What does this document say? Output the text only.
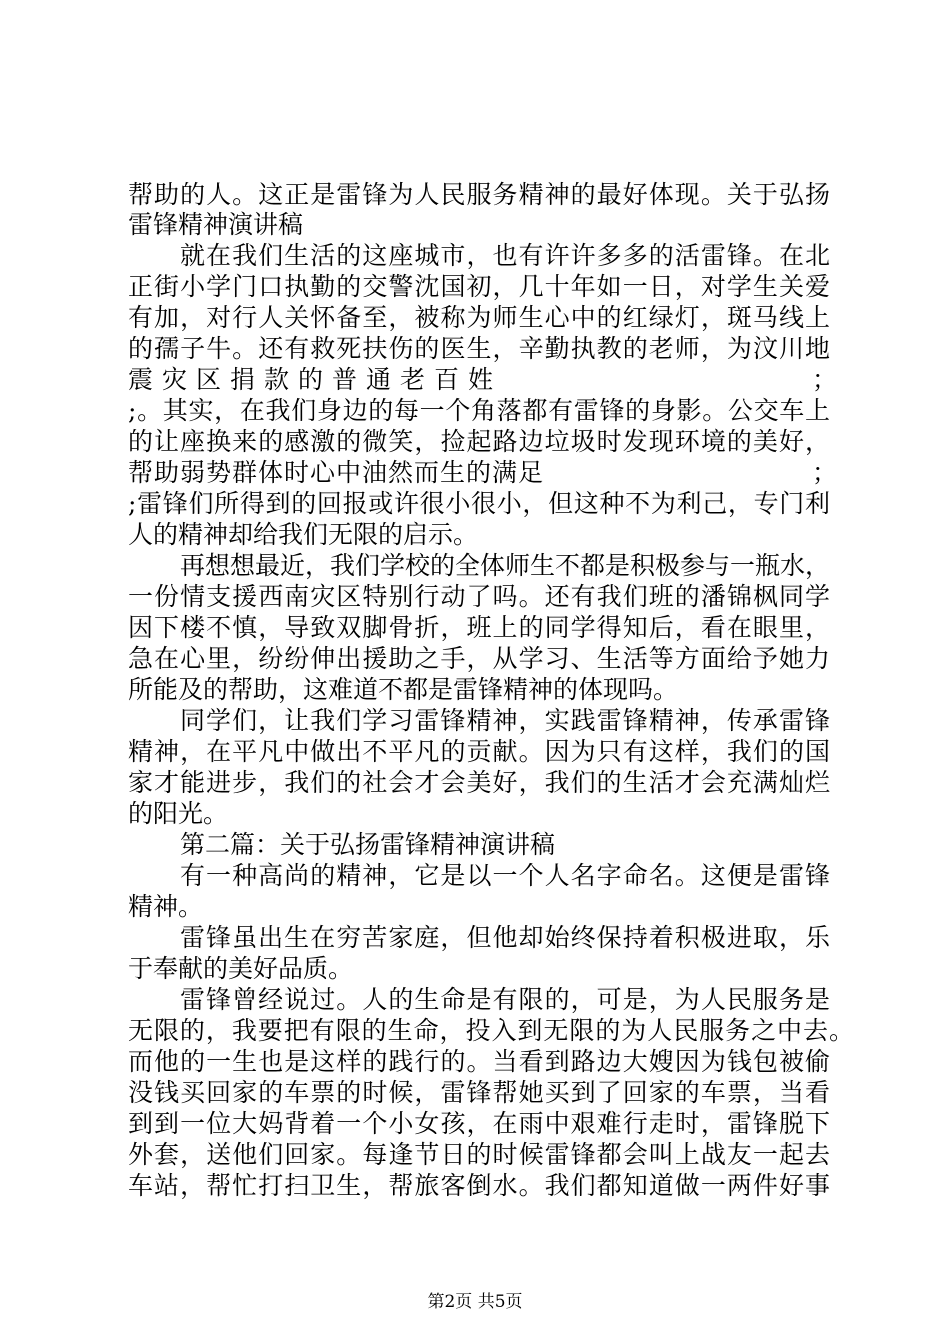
帮助的人。这正是雷锋为人民服务精神的最好体现。关于弘扬
雷锋精神演讲稿
就在我们生活的这座城市，也有许许多多的活雷锋。在北
正街小学门口执勤的交警沈国初，几十年如一日，对学生关爱
有加，对行人关怀备至，被称为师生心中的红绿灯，斑马线上
的孺子牛。还有救死扶伤的医生，辛勤执教的老师，为汶川地
震灾区捐款的普通老百姓	；
;。其实，在我们身边的每一个角落都有雷锋的身影。公交车上
的让座换来的感激的微笑，捡起路边垃圾时发现环境的美好，
帮助弱势群体时心中油然而生的满足	；
;雷锋们所得到的回报或许很小很小，但这种不为利己，专门利
人的精神却给我们无限的启示。
再想想最近，我们学校的全体师生不都是积极参与一瓶水，
一份情支援西南灾区特别行动了吗。还有我们班的潘锦枫同学
因下楼不慎，导致双脚骨折，班上的同学得知后，看在眼里，
急在心里，纷纷伸出援助之手，从学习、生活等方面给予她力
所能及的帮助，这难道不都是雷锋精神的体现吗。
同学们，让我们学习雷锋精神，实践雷锋精神，传承雷锋
精神，在平凡中做出不平凡的贡献。因为只有这样，我们的国
家才能进步，我们的社会才会美好，我们的生活才会充满灿烂
的阳光。
第二篇：关于弘扬雷锋精神演讲稿
有一种高尚的精神，它是以一个人名字命名。这便是雷锋
精神。
雷锋虽出生在穷苦家庭，但他却始终保持着积极进取，乐
于奉献的美好品质。
雷锋曾经说过。人的生命是有限的，可是，为人民服务是
无限的，我要把有限的生命，投入到无限的为人民服务之中去。
而他的一生也是这样的践行的。当看到路边大嫂因为钱包被偷
没钱买回家的车票的时候，雷锋帮她买到了回家的车票，当看
到到一位大妈背着一个小女孩，在雨中艰难行走时，雷锋脱下
外套，送他们回家。每逢节日的时候雷锋都会叫上战友一起去
车站，帮忙打扫卫生，帮旅客倒水。我们都知道做一两件好事
第2页 共5页
